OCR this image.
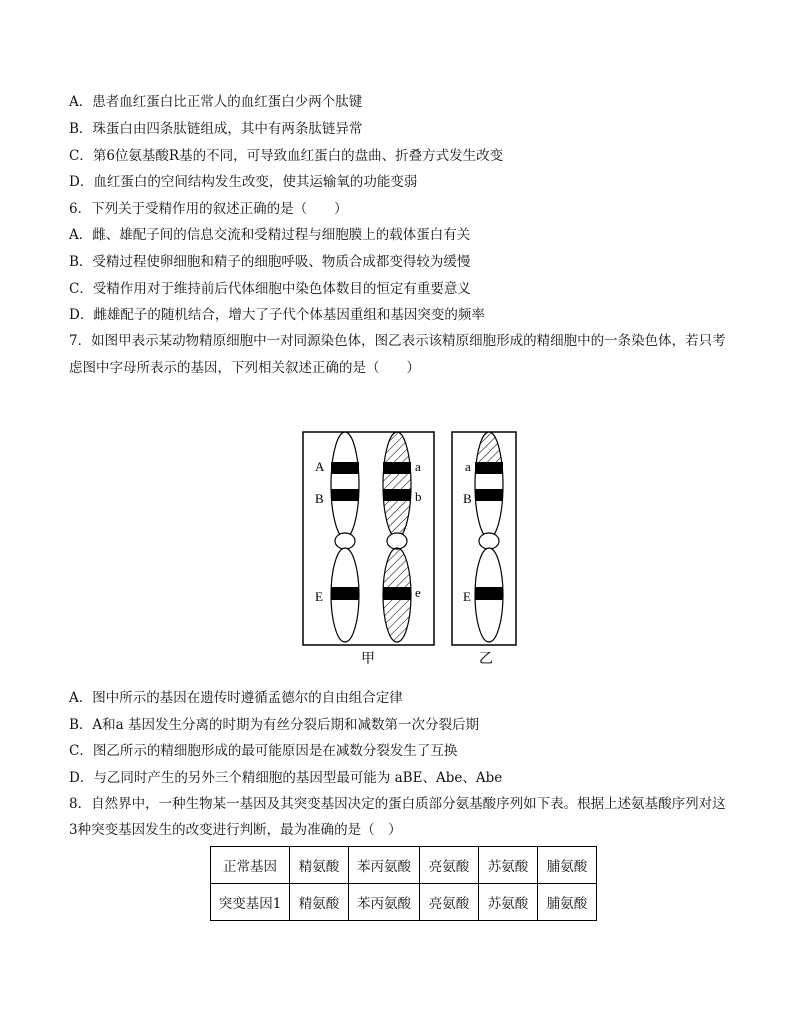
A．患者血红蛋白比正常人的血红蛋白少两个肽键
B．珠蛋白由四条肽链组成，其中有两条肽链异常
C．第6位氨基酸R基的不同，可导致血红蛋白的盘曲、折叠方式发生改变
D．血红蛋白的空间结构发生改变，使其运输氧的功能变弱
6．下列关于受精作用的叙述正确的是（　　）
A．雌、雄配子间的信息交流和受精过程与细胞膜上的载体蛋白有关
B．受精过程使卵细胞和精子的细胞呼吸、物质合成都变得较为缓慢
C．受精作用对于维持前后代体细胞中染色体数目的恒定有重要意义
D．雌雄配子的随机结合，增大了子代个体基因重组和基因突变的频率
7．如图甲表示某动物精原细胞中一对同源染色体，图乙表示该精原细胞形成的精细胞中的一条染色体，若只考
虑图中字母所表示的基因，下列相关叙述正确的是（　　）
A
B
E
a
b
e
a
B
E
甲	乙
A．图中所示的基因在遗传时遵循孟德尔的自由组合定律
B．A和a 基因发生分离的时期为有丝分裂后期和减数第一次分裂后期
C．图乙所示的精细胞形成的最可能原因是在减数分裂发生了互换
D．与乙同时产生的另外三个精细胞的基因型最可能为 aBE、Abe、Abe
8．自然界中，一种生物某一基因及其突变基因决定的蛋白质部分氨基酸序列如下表。根据上述氨基酸序列对这
3种突变基因发生的改变进行判断，最为准确的是（　）
正常基因	精氨酸	苯丙氨酸	亮氨酸	苏氨酸	脯氨酸
突变基因1	精氨酸	苯丙氨酸	亮氨酸	苏氨酸	脯氨酸
